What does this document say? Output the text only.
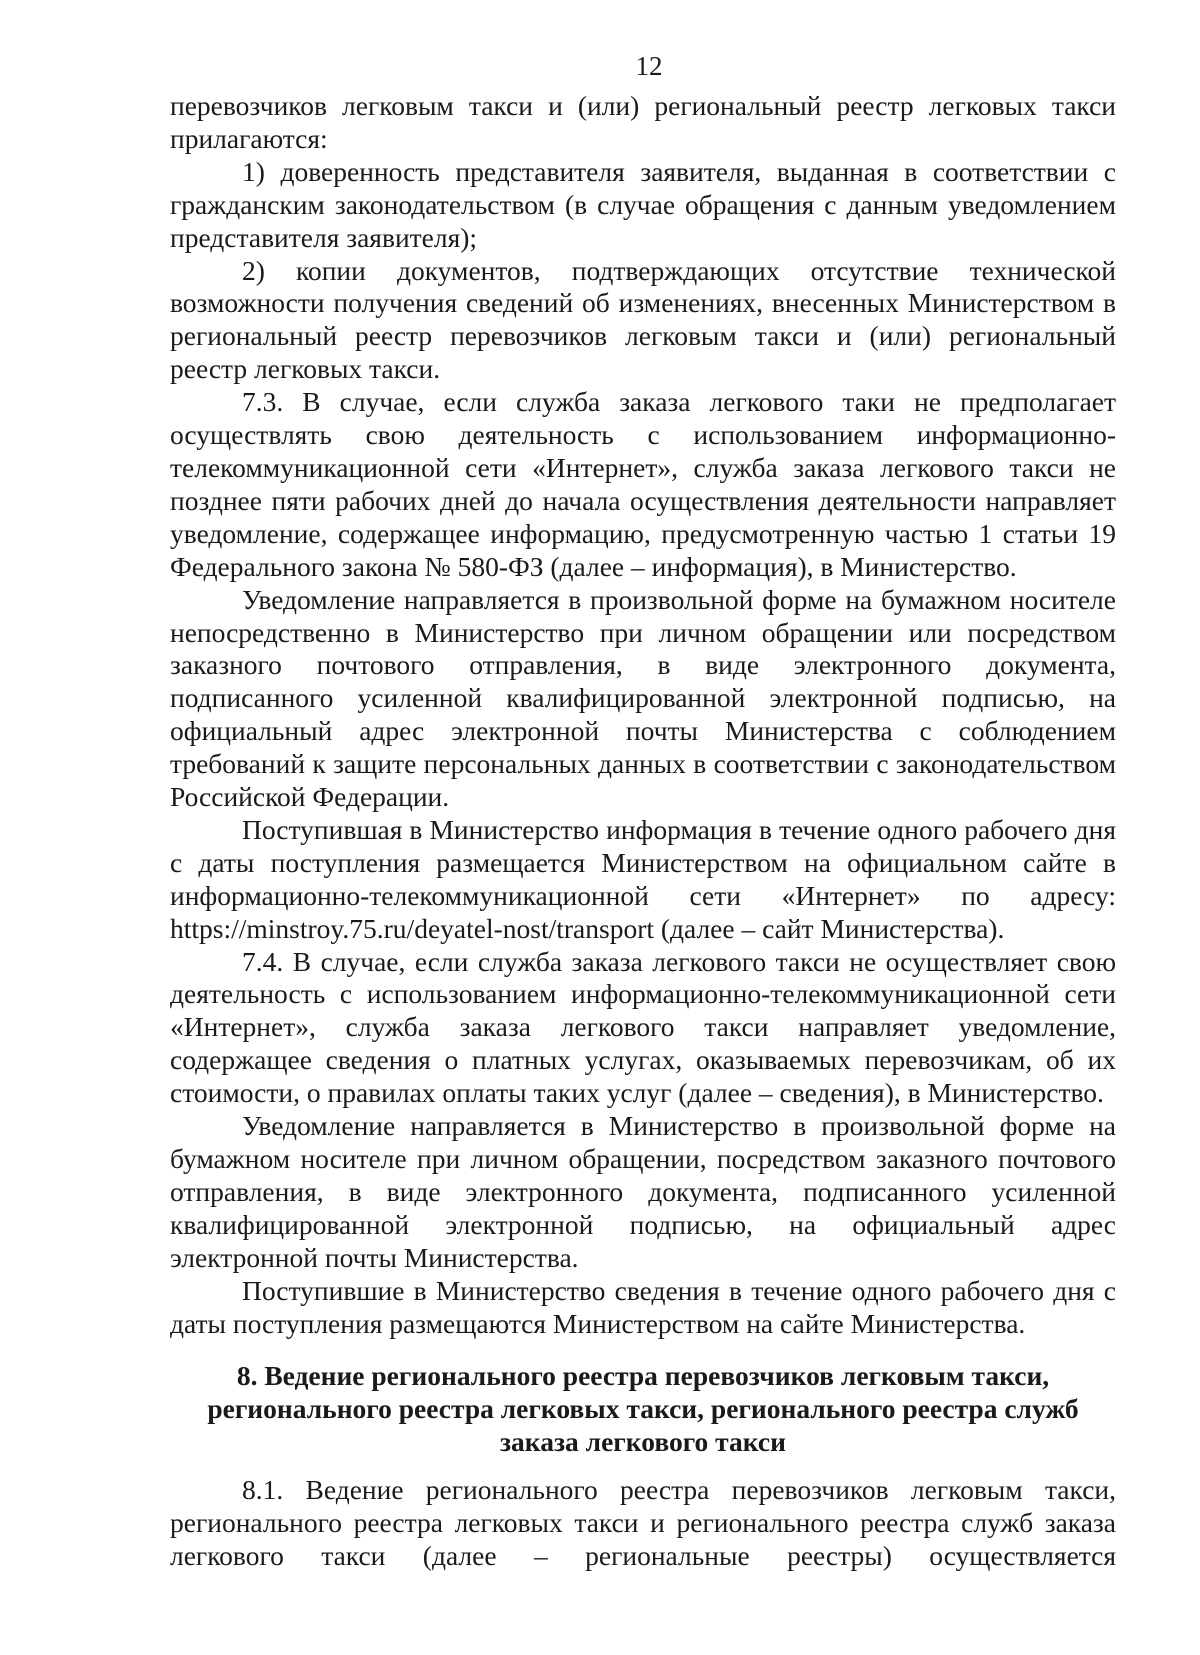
12

перевозчиков легковым такси и (или) региональный реестр легковых такси прилагаются:

1) доверенность представителя заявителя, выданная в соответствии с гражданским законодательством (в случае обращения с данным уведомлением представителя заявителя);

2) копии документов, подтверждающих отсутствие технической возможности получения сведений об изменениях, внесенных Министерством в региональный реестр перевозчиков легковым такси и (или) региональный реестр легковых такси.

7.3. В случае, если служба заказа легкового таки не предполагает осуществлять свою деятельность с использованием информационно-телекоммуникационной сети «Интернет», служба заказа легкового такси не позднее пяти рабочих дней до начала осуществления деятельности направляет уведомление, содержащее информацию, предусмотренную частью 1 статьи 19 Федерального закона № 580-ФЗ (далее – информация), в Министерство.

Уведомление направляется в произвольной форме на бумажном носителе непосредственно в Министерство при личном обращении или посредством заказного почтового отправления, в виде электронного документа, подписанного усиленной квалифицированной электронной подписью, на официальный адрес электронной почты Министерства с соблюдением требований к защите персональных данных в соответствии с законодательством Российской Федерации.

Поступившая в Министерство информация в течение одного рабочего дня с даты поступления размещается Министерством на официальном сайте в информационно-телекоммуникационной сети «Интернет» по адресу: https://minstroy.75.ru/deyatel-nost/transport (далее – сайт Министерства).

7.4. В случае, если служба заказа легкового такси не осуществляет свою деятельность с использованием информационно-телекоммуникационной сети «Интернет», служба заказа легкового такси направляет уведомление, содержащее сведения о платных услугах, оказываемых перевозчикам, об их стоимости, о правилах оплаты таких услуг (далее – сведения), в Министерство.

Уведомление направляется в Министерство в произвольной форме на бумажном носителе при личном обращении, посредством заказного почтового отправления, в виде электронного документа, подписанного усиленной квалифицированной электронной подписью, на официальный адрес электронной почты Министерства.

Поступившие в Министерство сведения в течение одного рабочего дня с даты поступления размещаются Министерством на сайте Министерства.

8. Ведение регионального реестра перевозчиков легковым такси, регионального реестра легковых такси, регионального реестра служб заказа легкового такси

8.1. Ведение регионального реестра перевозчиков легковым такси, регионального реестра легковых такси и регионального реестра служб заказа легкового такси (далее – региональные реестры) осуществляется
